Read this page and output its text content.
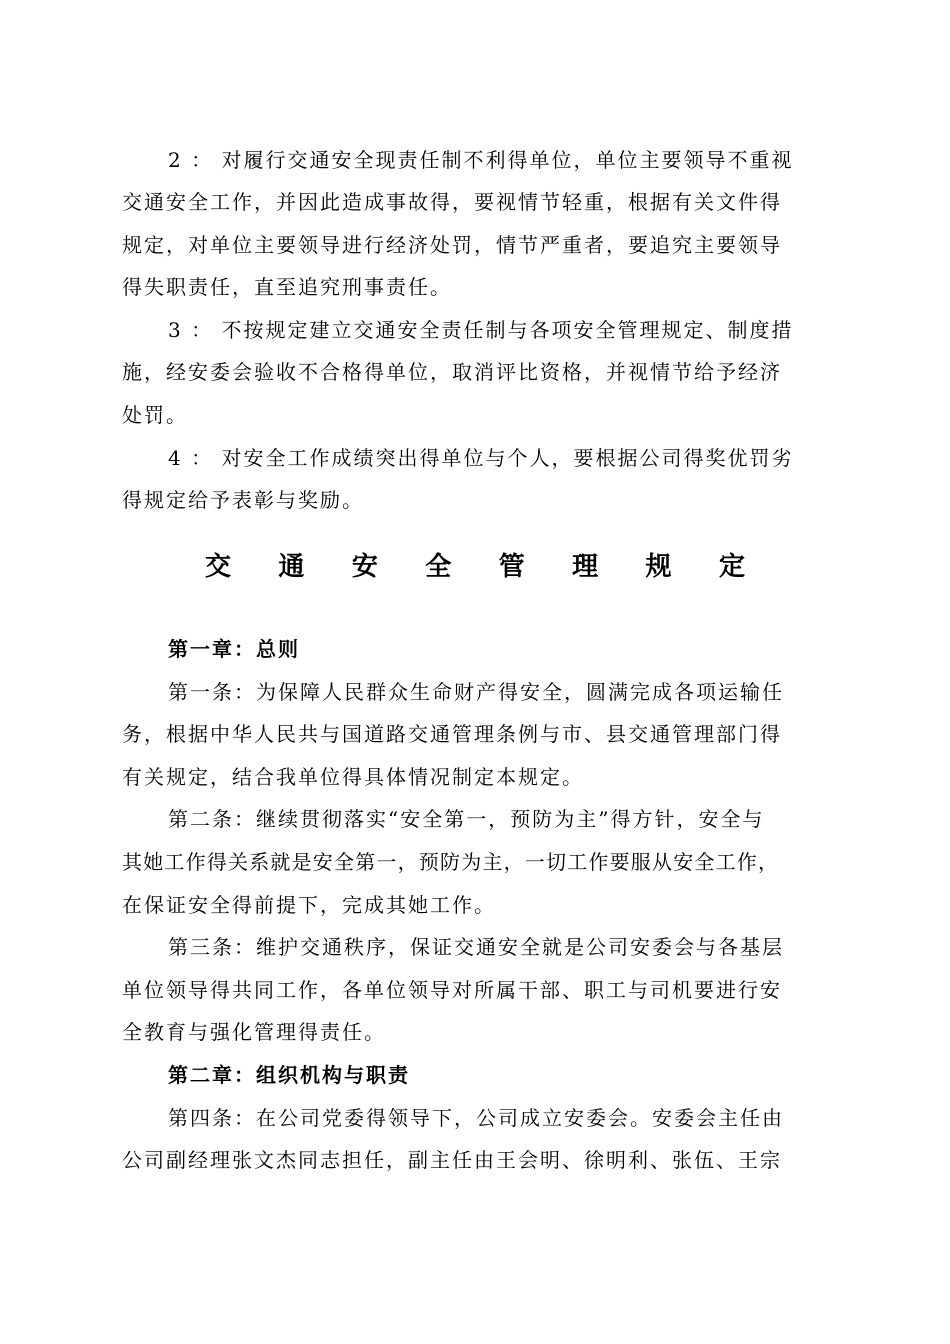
2 ： 对履行交通安全现责任制不利得单位，单位主要领导不重视
交通安全工作，并因此造成事故得，要视情节轻重，根据有关文件得
规定，对单位主要领导进行经济处罚，情节严重者，要追究主要领导
得失职责任，直至追究刑事责任。
3 ： 不按规定建立交通安全责任制与各项安全管理规定、制度措
施，经安委会验收不合格得单位，取消评比资格，并视情节给予经济
处罚。
4 ： 对安全工作成绩突出得单位与个人，要根据公司得奖优罚劣
得规定给予表彰与奖励。
交 通 安 全 管 理 规 定
第一章：总则
第一条：为保障人民群众生命财产得安全，圆满完成各项运输任
务，根据中华人民共与国道路交通管理条例与市、县交通管理部门得
有关规定，结合我单位得具体情况制定本规定。
第二条：继续贯彻落实“安全第一，预防为主”得方针，安全与
其她工作得关系就是安全第一，预防为主，一切工作要服从安全工作，
在保证安全得前提下，完成其她工作。
第三条：维护交通秩序，保证交通安全就是公司安委会与各基层
单位领导得共同工作，各单位领导对所属干部、职工与司机要进行安
全教育与强化管理得责任。
第二章：组织机构与职责
第四条：在公司党委得领导下，公司成立安委会。安委会主任由
公司副经理张文杰同志担任，副主任由王会明、徐明利、张伍、王宗
